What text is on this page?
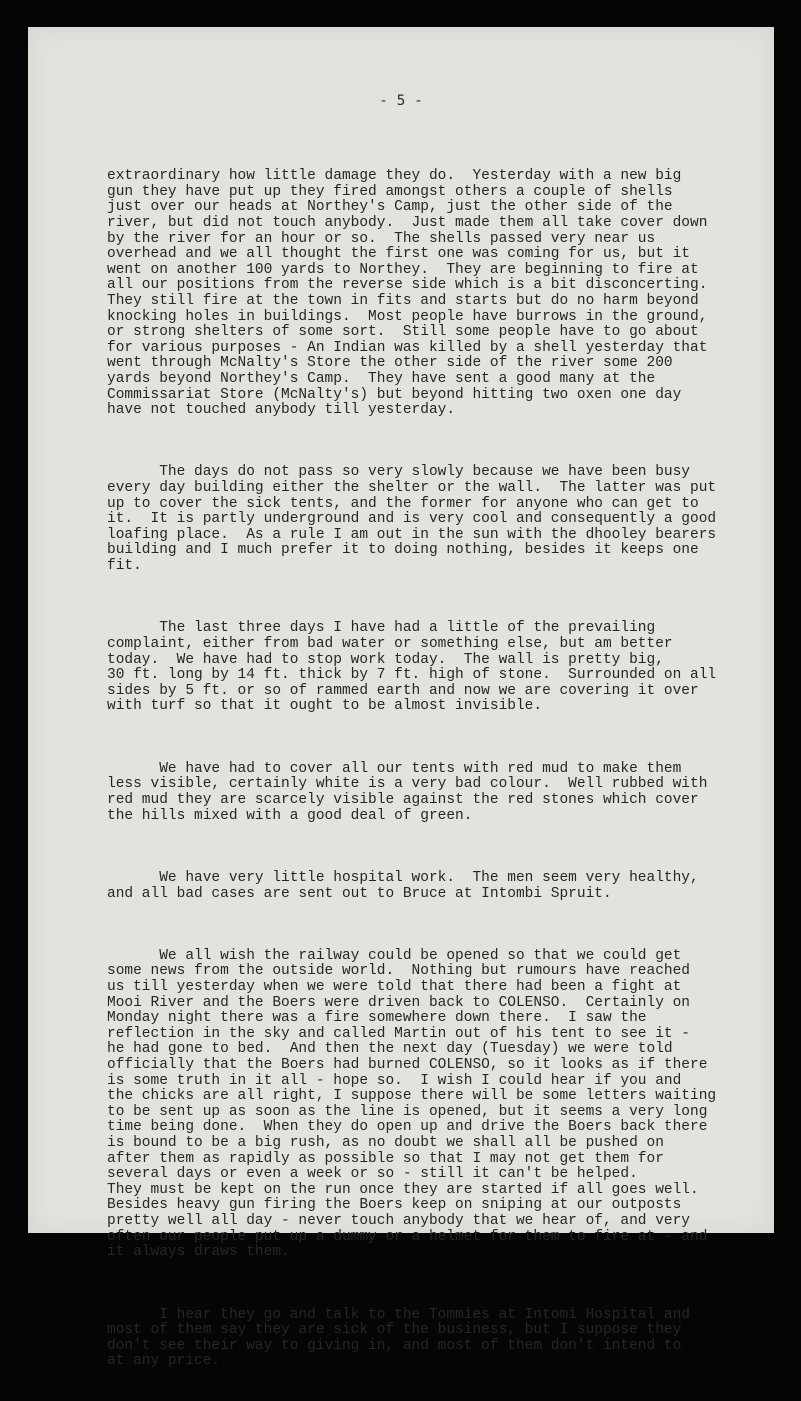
- 5 -

extraordinary how little damage they do.  Yesterday with a new big
gun they have put up they fired amongst others a couple of shells
just over our heads at Northey's Camp, just the other side of the
river, but did not touch anybody.  Just made them all take cover down
by the river for an hour or so.  The shells passed very near us
overhead and we all thought the first one was coming for us, but it
went on another 100 yards to Northey.  They are beginning to fire at
all our positions from the reverse side which is a bit disconcerting.
They still fire at the town in fits and starts but do no harm beyond
knocking holes in buildings.  Most people have burrows in the ground,
or strong shelters of some sort.  Still some people have to go about
for various purposes - An Indian was killed by a shell yesterday that
went through McNalty's Store the other side of the river some 200
yards beyond Northey's Camp.  They have sent a good many at the
Commissariat Store (McNalty's) but beyond hitting two oxen one day
have not touched anybody till yesterday.

The days do not pass so very slowly because we have been busy
every day building either the shelter or the wall.  The latter was put
up to cover the sick tents, and the former for anyone who can get to
it.  It is partly underground and is very cool and consequently a good
loafing place.  As a rule I am out in the sun with the dhooley bearers
building and I much prefer it to doing nothing, besides it keeps one
fit.

The last three days I have had a little of the prevailing
complaint, either from bad water or something else, but am better
today.  We have had to stop work today.  The wall is pretty big,
30 ft. long by 14 ft. thick by 7 ft. high of stone.  Surrounded on all
sides by 5 ft. or so of rammed earth and now we are covering it over
with turf so that it ought to be almost invisible.

We have had to cover all our tents with red mud to make them
less visible, certainly white is a very bad colour.  Well rubbed with
red mud they are scarcely visible against the red stones which cover
the hills mixed with a good deal of green.

We have very little hospital work.  The men seem very healthy,
and all bad cases are sent out to Bruce at Intombi Spruit.

We all wish the railway could be opened so that we could get
some news from the outside world.  Nothing but rumours have reached
us till yesterday when we were told that there had been a fight at
Mooi River and the Boers were driven back to COLENSO.  Certainly on
Monday night there was a fire somewhere down there.  I saw the
reflection in the sky and called Martin out of his tent to see it -
he had gone to bed.  And then the next day (Tuesday) we were told
officially that the Boers had burned COLENSO, so it looks as if there
is some truth in it all - hope so.  I wish I could hear if you and
the chicks are all right, I suppose there will be some letters waiting
to be sent up as soon as the line is opened, but it seems a very long
time being done.  When they do open up and drive the Boers back there
is bound to be a big rush, as no doubt we shall all be pushed on
after them as rapidly as possible so that I may not get them for
several days or even a week or so - still it can't be helped.
They must be kept on the run once they are started if all goes well.
Besides heavy gun firing the Boers keep on sniping at our outposts
pretty well all day - never touch anybody that we hear of, and very
often our people put up a dummy or a helmet for them to fire at - and
it always draws them.

I hear they go and talk to the Tommies at Intomi Hospital and
most of them say they are sick of the business, but I suppose they
don't see their way to giving in, and most of them don't intend to
at any price.
